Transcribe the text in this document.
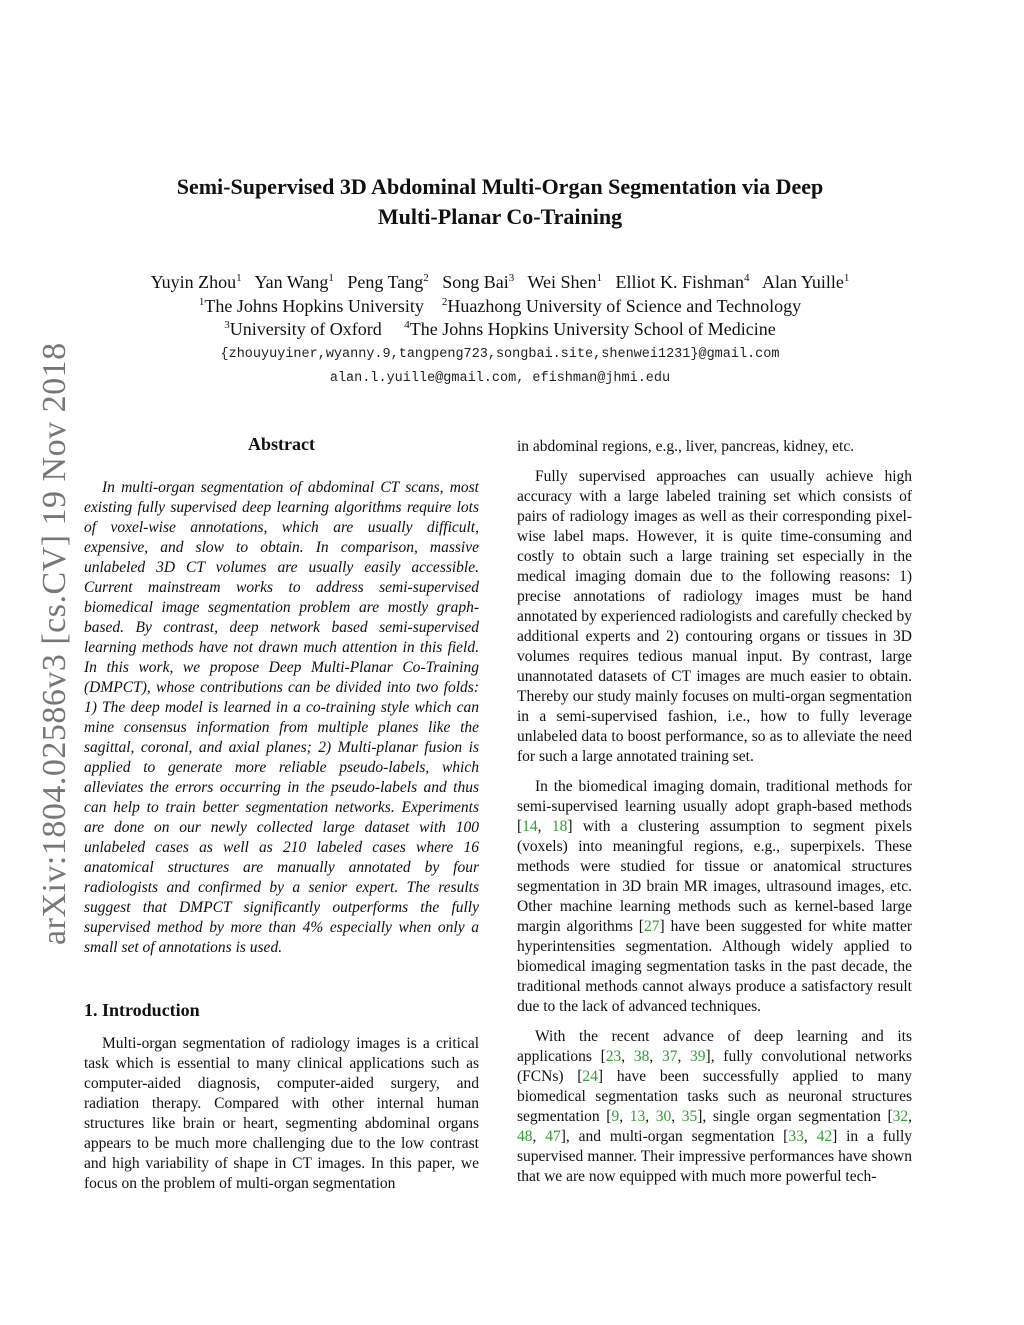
arXiv:1804.02586v3 [cs.CV] 19 Nov 2018
Semi-Supervised 3D Abdominal Multi-Organ Segmentation via Deep
Multi-Planar Co-Training
Yuyin Zhou$^1$ Yan Wang$^1$ Peng Tang$^2$ Song Bai$^3$ Wei Shen$^1$ Elliot K. Fishman$^4$ Alan Yuille$^1$
$^1$The Johns Hopkins University $^2$Huazhong University of Science and Technology
$^3$University of Oxford $^4$The Johns Hopkins University School of Medicine
{zhouyuyiner,wyanny.9,tangpeng723,songbai.site,shenwei1231}@gmail.com
alan.l.yuille@gmail.com, efishman@jhmi.edu
Abstract
In multi-organ segmentation of abdominal CT scans, most existing fully supervised deep learning algorithms require lots of voxel-wise annotations, which are usually difficult, expensive, and slow to obtain. In comparison, massive unlabeled 3D CT volumes are usually easily accessible. Current mainstream works to address semi-supervised biomedical image segmentation problem are mostly graph-based. By contrast, deep network based semi-supervised learning methods have not drawn much attention in this field. In this work, we propose Deep Multi-Planar Co-Training (DMPCT), whose contributions can be divided into two folds: 1) The deep model is learned in a co-training style which can mine consensus information from multiple planes like the sagittal, coronal, and axial planes; 2) Multi-planar fusion is applied to generate more reliable pseudo-labels, which alleviates the errors occurring in the pseudo-labels and thus can help to train better segmentation networks. Experiments are done on our newly collected large dataset with 100 unlabeled cases as well as 210 labeled cases where 16 anatomical structures are manually annotated by four radiologists and confirmed by a senior expert. The results suggest that DMPCT significantly outperforms the fully supervised method by more than 4% especially when only a small set of annotations is used.
1. Introduction
Multi-organ segmentation of radiology images is a critical task which is essential to many clinical applications such as computer-aided diagnosis, computer-aided surgery, and radiation therapy. Compared with other internal human structures like brain or heart, segmenting abdominal organs appears to be much more challenging due to the low contrast and high variability of shape in CT images. In this paper, we focus on the problem of multi-organ segmentation

in abdominal regions, e.g., liver, pancreas, kidney, etc.

Fully supervised approaches can usually achieve high accuracy with a large labeled training set which consists of pairs of radiology images as well as their corresponding pixel-wise label maps. However, it is quite time-consuming and costly to obtain such a large training set especially in the medical imaging domain due to the following reasons: 1) precise annotations of radiology images must be hand annotated by experienced radiologists and carefully checked by additional experts and 2) contouring organs or tissues in 3D volumes requires tedious manual input. By contrast, large unannotated datasets of CT images are much easier to obtain. Thereby our study mainly focuses on multi-organ segmentation in a semi-supervised fashion, i.e., how to fully leverage unlabeled data to boost performance, so as to alleviate the need for such a large annotated training set.

In the biomedical imaging domain, traditional methods for semi-supervised learning usually adopt graph-based methods [14, 18] with a clustering assumption to segment pixels (voxels) into meaningful regions, e.g., superpixels. These methods were studied for tissue or anatomical structures segmentation in 3D brain MR images, ultrasound images, etc. Other machine learning methods such as kernel-based large margin algorithms [27] have been suggested for white matter hyperintensities segmentation. Although widely applied to biomedical imaging segmentation tasks in the past decade, the traditional methods cannot always produce a satisfactory result due to the lack of advanced techniques.

With the recent advance of deep learning and its applications [23, 38, 37, 39], fully convolutional networks (FCNs) [24] have been successfully applied to many biomedical segmentation tasks such as neuronal structures segmentation [9, 13, 30, 35], single organ segmentation [32, 48, 47], and multi-organ segmentation [33, 42] in a fully supervised manner. Their impressive performances have shown that we are now equipped with much more powerful tech-
